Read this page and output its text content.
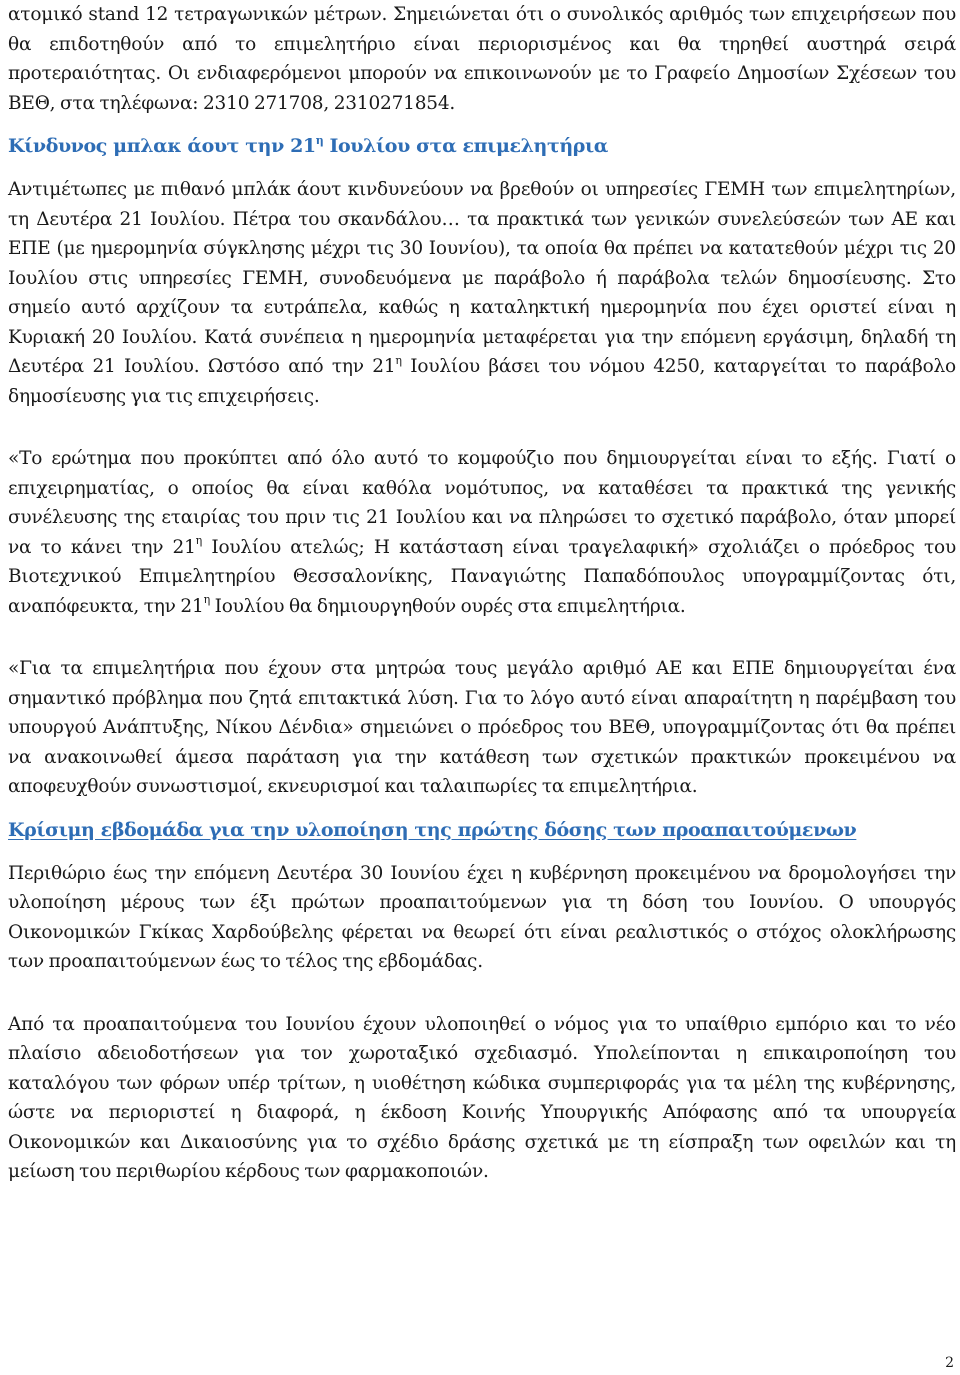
ατομικό stand 12 τετραγωνικών μέτρων. Σημειώνεται ότι ο συνολικός αριθμός των επιχειρήσεων που θα επιδοτηθούν από το επιμελητήριο είναι περιορισμένος και θα τηρηθεί αυστηρά σειρά προτεραιότητας. Οι ενδιαφερόμενοι μπορούν να επικοινωνούν με το Γραφείο Δημοσίων Σχέσεων του ΒΕΘ, στα τηλέφωνα: 2310 271708, 2310271854.

Κίνδυνος μπλακ άουτ την $21^\eta$ Ιουλίου στα επιμελητήρια

Αντιμέτωπες με πιθανό μπλάκ άουτ κινδυνεύουν να βρεθούν οι υπηρεσίες ΓΕΜΗ των επιμελητηρίων, τη Δευτέρα 21 Ιουλίου. Πέτρα του σκανδάλου… τα πρακτικά των γενικών συνελεύσεών των ΑΕ και ΕΠΕ (με ημερομηνία σύγκλησης μέχρι τις 30 Ιουνίου), τα οποία θα πρέπει να κατατεθούν μέχρι τις 20 Ιουλίου στις υπηρεσίες ΓΕΜΗ, συνοδευόμενα με παράβολο ή παράβολα τελών δημοσίευσης. Στο σημείο αυτό αρχίζουν τα ευτράπελα, καθώς η καταληκτική ημερομηνία που έχει οριστεί είναι η Κυριακή 20 Ιουλίου. Κατά συνέπεια η ημερομηνία μεταφέρεται για την επόμενη εργάσιμη, δηλαδή τη Δευτέρα 21 Ιουλίου. Ωστόσο από την $21^\eta$ Ιουλίου βάσει του νόμου 4250, καταργείται το παράβολο δημοσίευσης για τις επιχειρήσεις.

«Το ερώτημα που προκύπτει από όλο αυτό το κομφούζιο που δημιουργείται είναι το εξής. Γιατί ο επιχειρηματίας, ο οποίος θα είναι καθόλα νομότυπος, να καταθέσει τα πρακτικά της γενικής συνέλευσης της εταιρίας του πριν τις 21 Ιουλίου και να πληρώσει το σχετικό παράβολο, όταν μπορεί να το κάνει την $21^\eta$ Ιουλίου ατελώς; Η κατάσταση είναι τραγελαφική» σχολιάζει ο πρόεδρος του Βιοτεχνικού Επιμελητηρίου Θεσσαλονίκης, Παναγιώτης Παπαδόπουλος υπογραμμίζοντας ότι, αναπόφευκτα, την $21^\eta$ Ιουλίου θα δημιουργηθούν ουρές στα επιμελητήρια.

«Για τα επιμελητήρια που έχουν στα μητρώα τους μεγάλο αριθμό ΑΕ και ΕΠΕ δημιουργείται ένα σημαντικό πρόβλημα που ζητά επιτακτικά λύση. Για το λόγο αυτό είναι απαραίτητη η παρέμβαση του υπουργού Ανάπτυξης, Νίκου Δένδια» σημειώνει ο πρόεδρος του ΒΕΘ, υπογραμμίζοντας ότι θα πρέπει να ανακοινωθεί άμεσα παράταση για την κατάθεση των σχετικών πρακτικών προκειμένου να αποφευχθούν συνωστισμοί, εκνευρισμοί και ταλαιπωρίες τα επιμελητήρια.

Κρίσιμη εβδομάδα για την υλοποίηση της πρώτης δόσης των προαπαιτούμενων

Περιθώριο έως την επόμενη Δευτέρα 30 Ιουνίου έχει η κυβέρνηση προκειμένου να δρομολογήσει την υλοποίηση μέρους των έξι πρώτων προαπαιτούμενων για τη δόση του Ιουνίου. Ο υπουργός Οικονομικών Γκίκας Χαρδούβελης φέρεται να θεωρεί ότι είναι ρεαλιστικός ο στόχος ολοκλήρωσης των προαπαιτούμενων έως το τέλος της εβδομάδας.

Από τα προαπαιτούμενα του Ιουνίου έχουν υλοποιηθεί ο νόμος για το υπαίθριο εμπόριο και το νέο πλαίσιο αδειοδοτήσεων για τον χωροταξικό σχεδιασμό. Υπολείπονται η επικαιροποίηση του καταλόγου των φόρων υπέρ τρίτων, η υιοθέτηση κώδικα συμπεριφοράς για τα μέλη της κυβέρνησης, ώστε να περιοριστεί η διαφορά, η έκδοση Κοινής Υπουργικής Απόφασης από τα υπουργεία Οικονομικών και Δικαιοσύνης για το σχέδιο δράσης σχετικά με τη είσπραξη των οφειλών και τη μείωση του περιθωρίου κέρδους των φαρμακοποιών.

2
